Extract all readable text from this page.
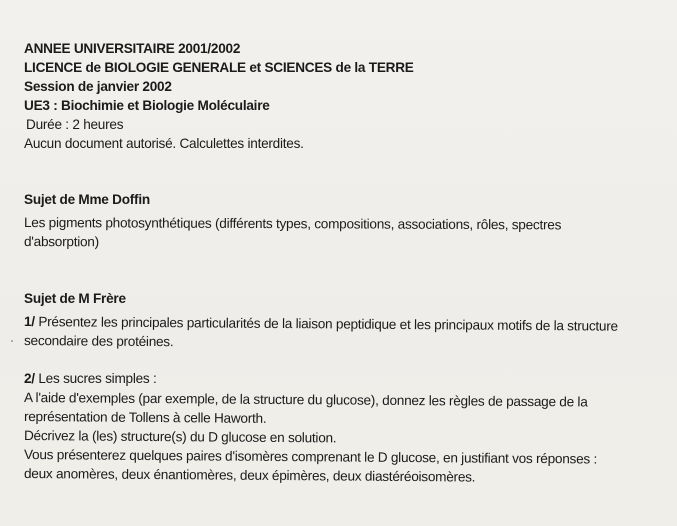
ANNEE UNIVERSITAIRE 2001/2002
LICENCE de BIOLOGIE GENERALE et SCIENCES de la TERRE
Session de janvier 2002
UE3 : Biochimie et Biologie Moléculaire
Durée : 2 heures
Aucun document autorisé. Calculettes interdites.
Sujet de Mme Doffin
Les pigments photosynthétiques (différents types, compositions, associations, rôles, spectres
d'absorption)
Sujet de M Frère
1/ Présentez les principales particularités de la liaison peptidique et les principaux motifs de la structure
secondaire des protéines.
2/ Les sucres simples :
A l'aide d'exemples (par exemple, de la structure du glucose), donnez les règles de passage de la
représentation de Tollens à celle Haworth.
Décrivez la (les) structure(s) du D glucose en solution.
Vous présenterez quelques paires d'isomères comprenant le D glucose, en justifiant vos réponses :
deux anomères, deux énantiomères, deux épimères, deux diastéréoisomères.
